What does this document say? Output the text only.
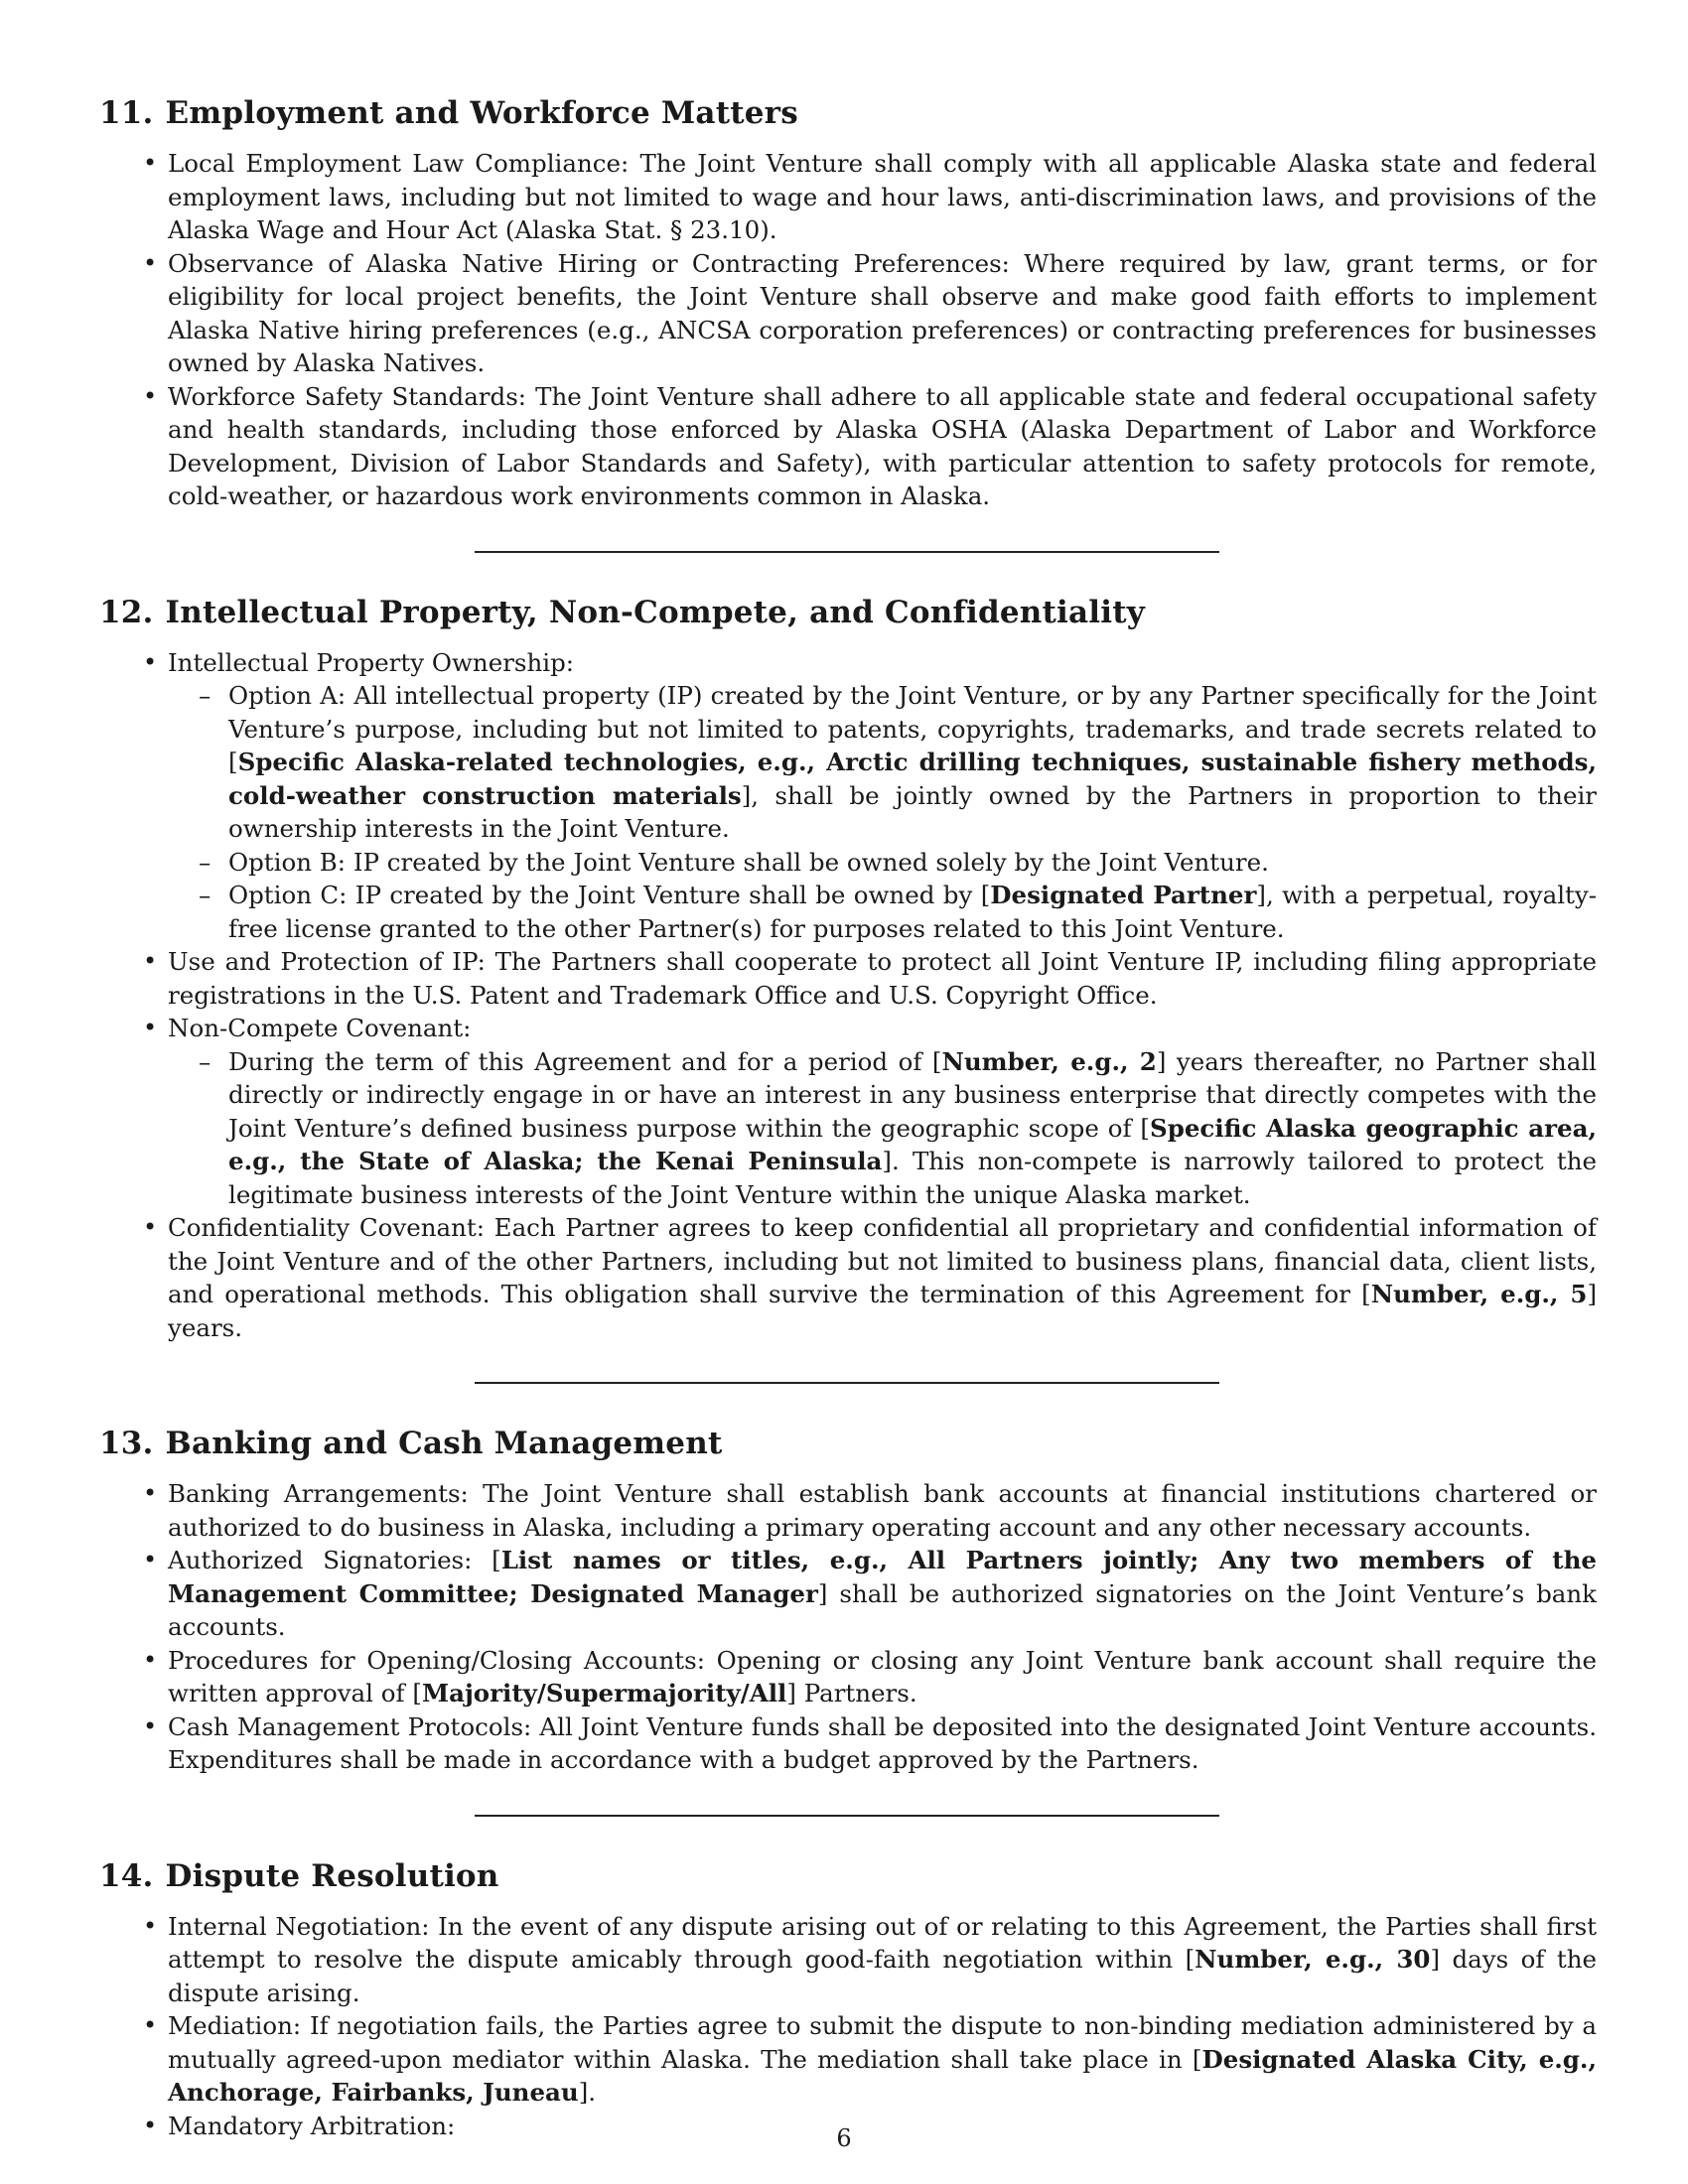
11. Employment and Workforce Matters
• Local Employment Law Compliance: The Joint Venture shall comply with all applicable Alaska state and federal employment laws, including but not limited to wage and hour laws, anti-discrimination laws, and provisions of the Alaska Wage and Hour Act (Alaska Stat. § 23.10).
• Observance of Alaska Native Hiring or Contracting Preferences: Where required by law, grant terms, or for eligibility for local project benefits, the Joint Venture shall observe and make good faith efforts to implement Alaska Native hiring preferences (e.g., ANCSA corporation preferences) or contracting preferences for businesses owned by Alaska Natives.
• Workforce Safety Standards: The Joint Venture shall adhere to all applicable state and federal occupational safety and health standards, including those enforced by Alaska OSHA (Alaska Department of Labor and Workforce Development, Division of Labor Standards and Safety), with particular attention to safety protocols for remote, cold-weather, or hazardous work environments common in Alaska.
12. Intellectual Property, Non-Compete, and Confidentiality
• Intellectual Property Ownership:
– Option A: All intellectual property (IP) created by the Joint Venture, or by any Partner specifically for the Joint Venture’s purpose, including but not limited to patents, copyrights, trademarks, and trade secrets related to [Specific Alaska-related technologies, e.g., Arctic drilling techniques, sustainable fishery methods, cold-weather construction materials], shall be jointly owned by the Partners in proportion to their ownership interests in the Joint Venture.
– Option B: IP created by the Joint Venture shall be owned solely by the Joint Venture.
– Option C: IP created by the Joint Venture shall be owned by [Designated Partner], with a perpetual, royalty-free license granted to the other Partner(s) for purposes related to this Joint Venture.
• Use and Protection of IP: The Partners shall cooperate to protect all Joint Venture IP, including filing appropriate registrations in the U.S. Patent and Trademark Office and U.S. Copyright Office.
• Non-Compete Covenant:
– During the term of this Agreement and for a period of [Number, e.g., 2] years thereafter, no Partner shall directly or indirectly engage in or have an interest in any business enterprise that directly competes with the Joint Venture’s defined business purpose within the geographic scope of [Specific Alaska geographic area, e.g., the State of Alaska; the Kenai Peninsula]. This non-compete is narrowly tailored to protect the legitimate business interests of the Joint Venture within the unique Alaska market.
• Confidentiality Covenant: Each Partner agrees to keep confidential all proprietary and confidential information of the Joint Venture and of the other Partners, including but not limited to business plans, financial data, client lists, and operational methods. This obligation shall survive the termination of this Agreement for [Number, e.g., 5] years.
13. Banking and Cash Management
• Banking Arrangements: The Joint Venture shall establish bank accounts at financial institutions chartered or authorized to do business in Alaska, including a primary operating account and any other necessary accounts.
• Authorized Signatories: [List names or titles, e.g., All Partners jointly; Any two members of the Management Committee; Designated Manager] shall be authorized signatories on the Joint Venture’s bank accounts.
• Procedures for Opening/Closing Accounts: Opening or closing any Joint Venture bank account shall require the written approval of [Majority/Supermajority/All] Partners.
• Cash Management Protocols: All Joint Venture funds shall be deposited into the designated Joint Venture accounts. Expenditures shall be made in accordance with a budget approved by the Partners.
14. Dispute Resolution
• Internal Negotiation: In the event of any dispute arising out of or relating to this Agreement, the Parties shall first attempt to resolve the dispute amicably through good-faith negotiation within [Number, e.g., 30] days of the dispute arising.
• Mediation: If negotiation fails, the Parties agree to submit the dispute to non-binding mediation administered by a mutually agreed-upon mediator within Alaska. The mediation shall take place in [Designated Alaska City, e.g., Anchorage, Fairbanks, Juneau].
• Mandatory Arbitration:	6
